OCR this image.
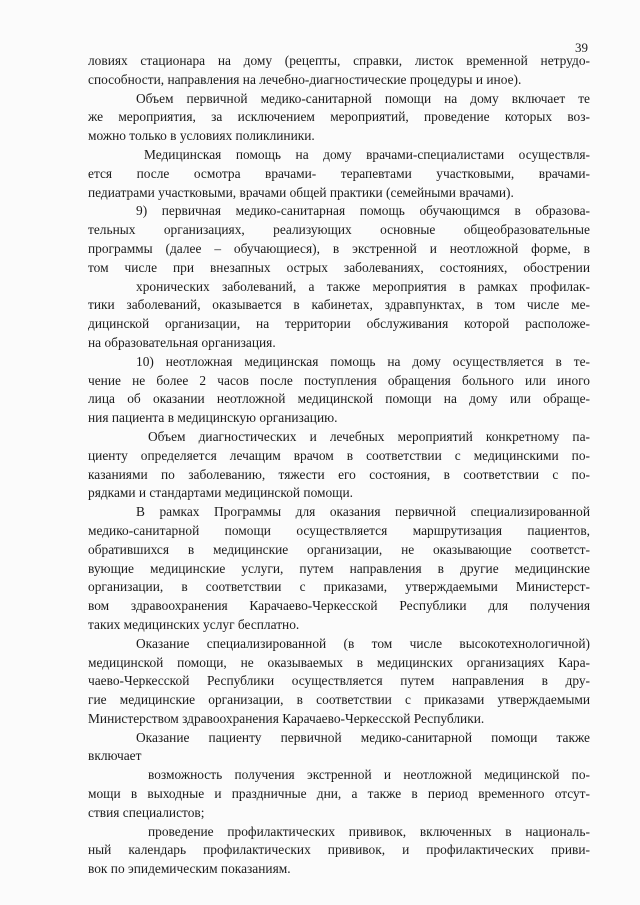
39
ловиях стационара на дому (рецепты, справки, листок временной нетрудо-
способности, направления на лечебно-диагностические процедуры и иное).
Объем первичной медико-санитарной помощи на дому включает те
же мероприятия, за исключением мероприятий, проведение которых воз-
можно только в условиях поликлиники.
Медицинская помощь на дому врачами-специалистами осуществля-
ется после осмотра врачами- терапевтами участковыми, врачами-
педиатрами участковыми, врачами общей практики (семейными врачами).
9) первичная медико-санитарная помощь обучающимся в образова-
тельных организациях, реализующих основные общеобразовательные
программы (далее – обучающиеся), в экстренной и неотложной форме, в
том числе при внезапных острых заболеваниях, состояниях, обострении
хронических заболеваний, а также мероприятия в рамках профилак-
тики заболеваний, оказывается в кабинетах, здравпунктах, в том числе ме-
дицинской организации, на территории обслуживания которой расположе-
на образовательная организация.
10) неотложная медицинская помощь на дому осуществляется в те-
чение не более 2 часов после поступления обращения больного или иного
лица об оказании неотложной медицинской помощи на дому или обраще-
ния пациента в медицинскую организацию.
Объем диагностических и лечебных мероприятий конкретному па-
циенту определяется лечащим врачом в соответствии с медицинскими по-
казаниями по заболеванию, тяжести его состояния, в соответствии с по-
рядками и стандартами медицинской помощи.
В рамках Программы для оказания первичной специализированной
медико-санитарной помощи осуществляется маршрутизация пациентов,
обратившихся в медицинские организации, не оказывающие соответст-
вующие медицинские услуги, путем направления в другие медицинские
организации, в соответствии с приказами, утверждаемыми Министерст-
вом здравоохранения Карачаево-Черкесской Республики для получения
таких медицинских услуг бесплатно.
Оказание специализированной (в том числе высокотехнологичной)
медицинской помощи, не оказываемых в медицинских организациях Кара-
чаево-Черкесской Республики осуществляется путем направления в дру-
гие медицинские организации, в соответствии с приказами утверждаемыми
Министерством здравоохранения Карачаево-Черкесской Республики.
Оказание пациенту первичной медико-санитарной помощи также
включает
возможность получения экстренной и неотложной медицинской по-
мощи в выходные и праздничные дни, а также в период временного отсут-
ствия специалистов;
проведение профилактических прививок, включенных в националь-
ный календарь профилактических прививок, и профилактических приви-
вок по эпидемическим показаниям.
